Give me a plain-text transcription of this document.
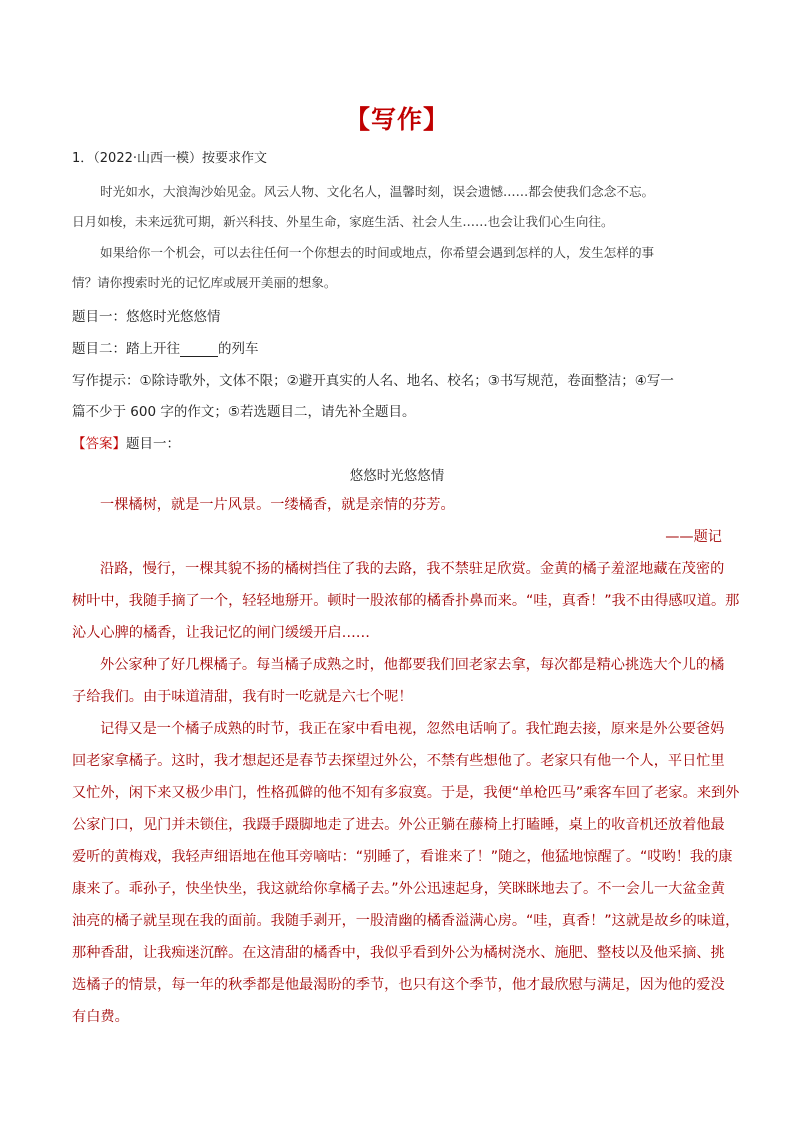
【写作】
1．（2022·山西一模）按要求作文
时光如水，大浪淘沙始见金。风云人物、文化名人，温馨时刻，误会遗憾……都会使我们念念不忘。
日月如梭，未来远犹可期，新兴科技、外星生命，家庭生活、社会人生……也会让我们心生向往。
如果给你一个机会，可以去往任何一个你想去的时间或地点，你希望会遇到怎样的人，发生怎样的事
情？请你搜索时光的记忆库或展开美丽的想象。
题目一：悠悠时光悠悠情
题目二：踏上开往	的列车
写作提示：①除诗歌外，文体不限；②避开真实的人名、地名、校名；③书写规范，卷面整洁；④写一
篇不少于 600 字的作文；⑤若选题目二，请先补全题目。
【答案】题目一：
悠悠时光悠悠情
一棵橘树，就是一片风景。一缕橘香，就是亲情的芬芳。
——题记
沿路，慢行，一棵其貌不扬的橘树挡住了我的去路，我不禁驻足欣赏。金黄的橘子羞涩地藏在茂密的
树叶中，我随手摘了一个，轻轻地掰开。顿时一股浓郁的橘香扑鼻而来。“哇，真香！”我不由得感叹道。那
沁人心脾的橘香，让我记忆的闸门缓缓开启……
外公家种了好几棵橘子。每当橘子成熟之时，他都要我们回老家去拿，每次都是精心挑选大个儿的橘
子给我们。由于味道清甜，我有时一吃就是六七个呢！
记得又是一个橘子成熟的时节，我正在家中看电视，忽然电话响了。我忙跑去接，原来是外公要爸妈
回老家拿橘子。这时，我才想起还是春节去探望过外公，不禁有些想他了。老家只有他一个人，平日忙里
又忙外，闲下来又极少串门，性格孤僻的他不知有多寂寞。于是，我便“单枪匹马”乘客车回了老家。来到外
公家门口，见门并未锁住，我蹑手蹑脚地走了进去。外公正躺在藤椅上打瞌睡，桌上的收音机还放着他最
爱听的黄梅戏，我轻声细语地在他耳旁嘀咕：“别睡了，看谁来了！”随之，他猛地惊醒了。“哎哟！我的康
康来了。乖孙子，快坐快坐，我这就给你拿橘子去。”外公迅速起身，笑眯眯地去了。不一会儿一大盆金黄
油亮的橘子就呈现在我的面前。我随手剥开，一股清幽的橘香溢满心房。“哇，真香！”这就是故乡的味道，
那种香甜，让我痴迷沉醉。在这清甜的橘香中，我似乎看到外公为橘树浇水、施肥、整枝以及他采摘、挑
选橘子的情景，每一年的秋季都是他最渴盼的季节，也只有这个季节，他才最欣慰与满足，因为他的爱没
有白费。
